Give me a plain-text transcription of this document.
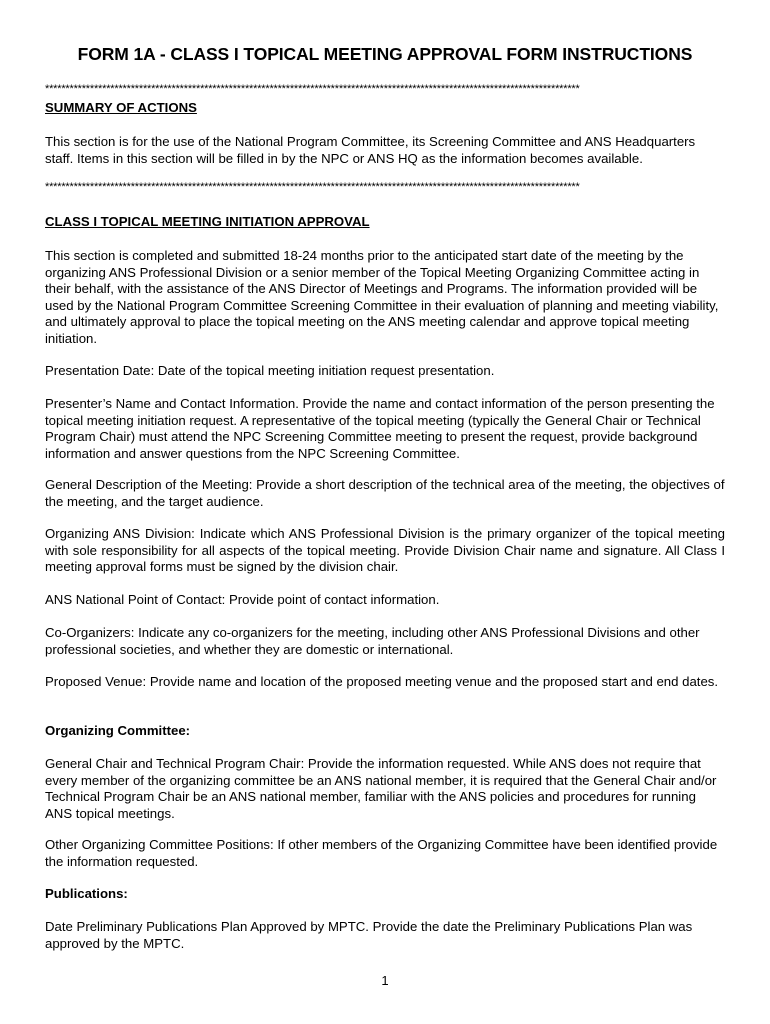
FORM 1A - CLASS I TOPICAL MEETING APPROVAL FORM INSTRUCTIONS

***********************************************************************************************************************************

SUMMARY OF ACTIONS

This section is for the use of the National Program Committee, its Screening Committee and ANS Headquarters staff. Items in this section will be filled in by the NPC or ANS HQ as the information becomes available.

***********************************************************************************************************************************

CLASS I TOPICAL MEETING INITIATION APPROVAL

This section is completed and submitted 18-24 months prior to the anticipated start date of the meeting by the organizing ANS Professional Division or a senior member of the Topical Meeting Organizing Committee acting in their behalf, with the assistance of the ANS Director of Meetings and Programs. The information provided will be used by the National Program Committee Screening Committee in their evaluation of planning and meeting viability, and ultimately approval to place the topical meeting on the ANS meeting calendar and approve topical meeting initiation.

Presentation Date: Date of the topical meeting initiation request presentation.

Presenter’s Name and Contact Information. Provide the name and contact information of the person presenting the topical meeting initiation request. A representative of the topical meeting (typically the General Chair or Technical Program Chair) must attend the NPC Screening Committee meeting to present the request, provide background information and answer questions from the NPC Screening Committee.

General Description of the Meeting: Provide a short description of the technical area of the meeting, the objectives of the meeting, and the target audience.

Organizing ANS Division: Indicate which ANS Professional Division is the primary organizer of the topical meeting with sole responsibility for all aspects of the topical meeting. Provide Division Chair name and signature. All Class I meeting approval forms must be signed by the division chair.

ANS National Point of Contact: Provide point of contact information.

Co-Organizers: Indicate any co-organizers for the meeting, including other ANS Professional Divisions and other professional societies, and whether they are domestic or international.

Proposed Venue: Provide name and location of the proposed meeting venue and the proposed start and end dates.

Organizing Committee:

General Chair and Technical Program Chair: Provide the information requested. While ANS does not require that every member of the organizing committee be an ANS national member, it is required that the General Chair and/or Technical Program Chair be an ANS national member, familiar with the ANS policies and procedures for running ANS topical meetings.

Other Organizing Committee Positions: If other members of the Organizing Committee have been identified provide the information requested.

Publications:

Date Preliminary Publications Plan Approved by MPTC. Provide the date the Preliminary Publications Plan was approved by the MPTC.

1
